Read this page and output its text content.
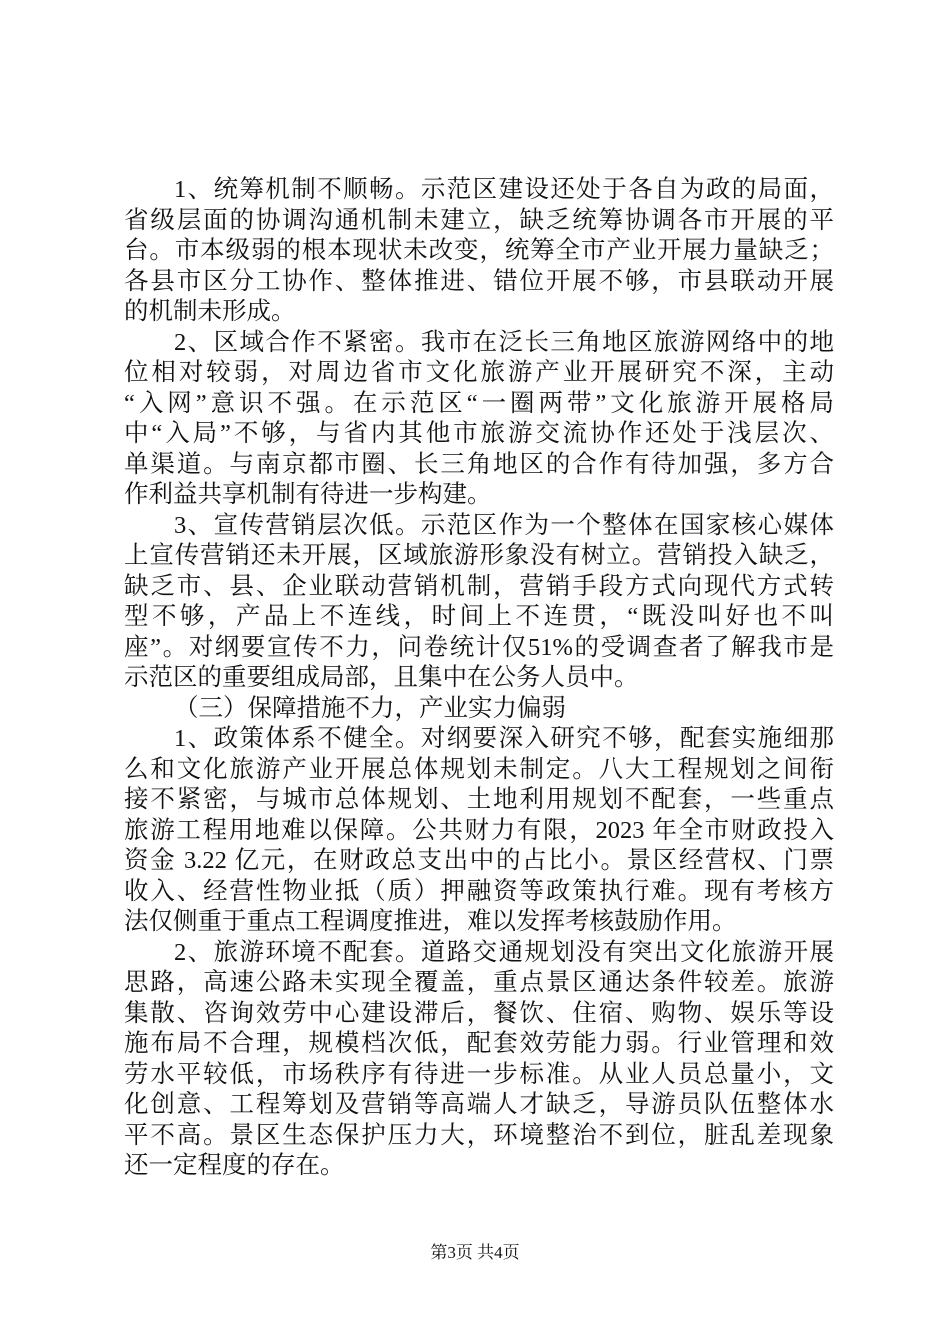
1、统筹机制不顺畅。示范区建设还处于各自为政的局面，
省级层面的协调沟通机制未建立，缺乏统筹协调各市开展的平
台。市本级弱的根本现状未改变，统筹全市产业开展力量缺乏；
各县市区分工协作、整体推进、错位开展不够，市县联动开展
的机制未形成。
2、区域合作不紧密。我市在泛长三角地区旅游网络中的地
位相对较弱，对周边省市文化旅游产业开展研究不深，主动
“入网”意识不强。在示范区“一圈两带”文化旅游开展格局
中“入局”不够，与省内其他市旅游交流协作还处于浅层次、
单渠道。与南京都市圈、长三角地区的合作有待加强，多方合
作利益共享机制有待进一步构建。
3、宣传营销层次低。示范区作为一个整体在国家核心媒体
上宣传营销还未开展，区域旅游形象没有树立。营销投入缺乏，
缺乏市、县、企业联动营销机制，营销手段方式向现代方式转
型不够，产品上不连线，时间上不连贯，“既没叫好也不叫
座”。对纲要宣传不力，问卷统计仅51%的受调查者了解我市是
示范区的重要组成局部，且集中在公务人员中。
（三）保障措施不力，产业实力偏弱
1、政策体系不健全。对纲要深入研究不够，配套实施细那
么和文化旅游产业开展总体规划未制定。八大工程规划之间衔
接不紧密，与城市总体规划、土地利用规划不配套，一些重点
旅游工程用地难以保障。公共财力有限，2023 年全市财政投入
资金 3.22 亿元，在财政总支出中的占比小。景区经营权、门票
收入、经营性物业抵（质）押融资等政策执行难。现有考核方
法仅侧重于重点工程调度推进，难以发挥考核鼓励作用。
2、旅游环境不配套。道路交通规划没有突出文化旅游开展
思路，高速公路未实现全覆盖，重点景区通达条件较差。旅游
集散、咨询效劳中心建设滞后，餐饮、住宿、购物、娱乐等设
施布局不合理，规模档次低，配套效劳能力弱。行业管理和效
劳水平较低，市场秩序有待进一步标准。从业人员总量小，文
化创意、工程筹划及营销等高端人才缺乏，导游员队伍整体水
平不高。景区生态保护压力大，环境整治不到位，脏乱差现象
还一定程度的存在。
第3页 共4页
